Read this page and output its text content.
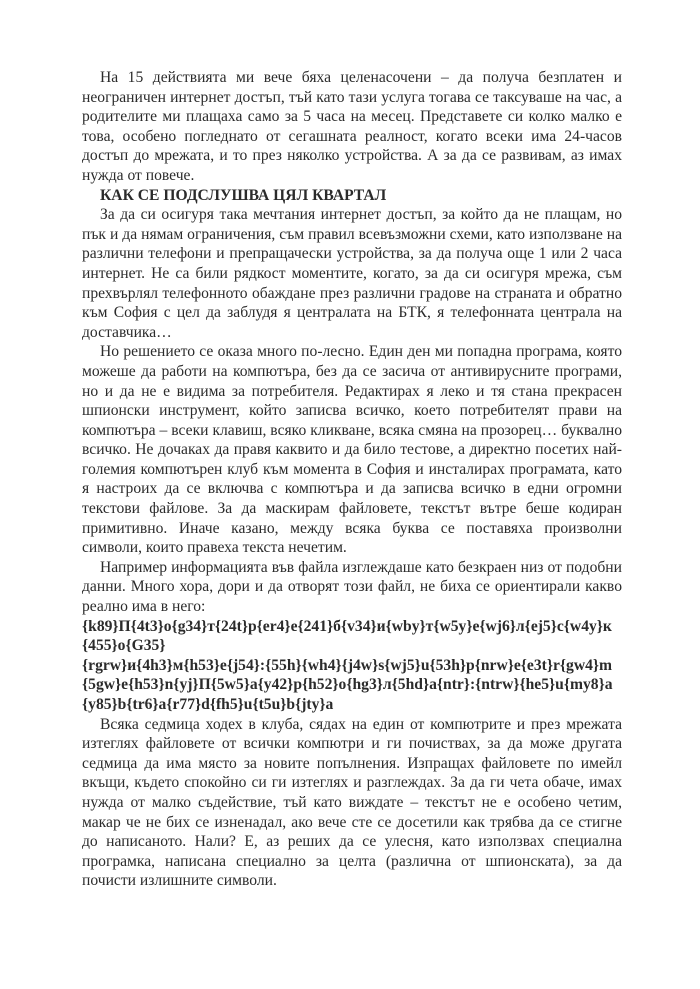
На 15 действията ми вече бяха целенасочени – да получа безплатен и неограничен интернет достъп, тъй като тази услуга тогава се таксуваше на час, а родителите ми плащаха само за 5 часа на месец. Представете си колко малко е това, особено погледнато от сегашната реалност, когато всеки има 24-часов достъп до мрежата, и то през няколко устройства. А за да се развивам, аз имах нужда от повече.

КАК СЕ ПОДСЛУШВА ЦЯЛ КВАРТАЛ

За да си осигуря така мечтания интернет достъп, за който да не плащам, но пък и да нямам ограничения, съм правил всевъзможни схеми, като използване на различни телефони и препращачески устройства, за да получа още 1 или 2 часа интернет. Не са били рядкост моментите, когато, за да си осигуря мрежа, съм прехвърлял телефонното обаждане през различни градове на страната и обратно към София с цел да заблудя я централата на БТК, я телефонната централа на доставчика…

Но решението се оказа много по-лесно. Един ден ми попадна програма, която можеше да работи на компютъра, без да се засича от антивирусните програми, но и да не е видима за потребителя. Редактирах я леко и тя стана прекрасен шпионски инструмент, който записва всичко, което потребителят прави на компютъра – всеки клавиш, всяко кликване, всяка смяна на прозорец… буквално всичко. Не дочаках да правя каквито и да било тестове, а директно посетих най-големия компютърен клуб към момента в София и инсталирах програмата, като я настроих да се включва с компютъра и да записва всичко в едни огромни текстови файлове. За да маскирам файловете, текстът вътре беше кодиран примитивно. Иначе казано, между всяка буква се поставяха произволни символи, които правеха текста нечетим.

Например информацията във файла изглеждаше като безкраен низ от подобни данни. Много хора, дори и да отворят този файл, не биха се ориентирали какво реално има в него:

{k89}П{4t3}о{g34}т{24t}р{er4}е{241}б{v34}и{wby}т{w5y}е{wj6}л{ej5}с{w4y}к{455}о{G35}

{rgrw}и{4h3}м{h53}е{j54}:{55h}{wh4}{j4w}s{wj5}u{53h}p{nrw}e{e3t}r{gw4}m{5gw}e{h53}n{yj}П{5w5}а{y42}р{h52}о{hg3}л{5hd}а{ntr}:{ntrw}{he5}u{my8}a{y85}b{tr6}a{r77}d{fh5}u{t5u}b{jty}a

Всяка седмица ходех в клуба, сядах на един от компютрите и през мрежата изтеглях файловете от всички компютри и ги почиствах, за да може другата седмица да има място за новите попълнения. Изпращах файловете по имейл вкъщи, където спокойно си ги изтеглях и разглеждах. За да ги чета обаче, имах нужда от малко съдействие, тъй като виждате – текстът не е особено четим, макар че не бих се изненадал, ако вече сте се досетили как трябва да се стигне до написаното. Нали? Е, аз реших да се улесня, като използвах специална програмка, написана специално за целта (различна от шпионската), за да почисти излишните символи.
